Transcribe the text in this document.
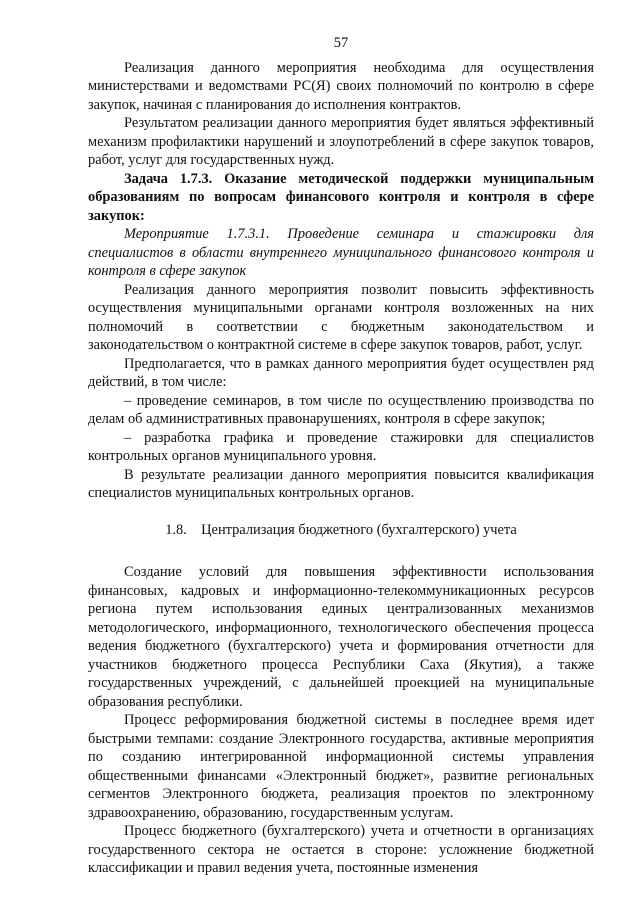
57

Реализация данного мероприятия необходима для осуществления министерствами и ведомствами РС(Я) своих полномочий по контролю в сфере закупок, начиная с планирования до исполнения контрактов.

Результатом реализации данного мероприятия будет являться эффективный механизм профилактики нарушений и злоупотреблений в сфере закупок товаров, работ, услуг для государственных нужд.

Задача 1.7.3. Оказание методической поддержки муниципальным образованиям по вопросам финансового контроля и контроля в сфере закупок:

Мероприятие 1.7.3.1. Проведение семинара и стажировки для специалистов в области внутреннего муниципального финансового контроля и контроля в сфере закупок

Реализация данного мероприятия позволит повысить эффективность осуществления муниципальными органами контроля возложенных на них полномочий в соответствии с бюджетным законодательством и законодательством о контрактной системе в сфере закупок товаров, работ, услуг.

Предполагается, что в рамках данного мероприятия будет осуществлен ряд действий, в том числе:

– проведение семинаров, в том числе по осуществлению производства по делам об административных правонарушениях, контроля в сфере закупок;

– разработка графика и проведение стажировки для специалистов контрольных органов муниципального уровня.

В результате реализации данного мероприятия повысится квалификация специалистов муниципальных контрольных органов.

1.8.    Централизация бюджетного (бухгалтерского) учета

Создание условий для повышения эффективности использования финансовых, кадровых и информационно-телекоммуникационных ресурсов региона путем использования единых централизованных механизмов методологического, информационного, технологического обеспечения процесса ведения бюджетного (бухгалтерского) учета и формирования отчетности для участников бюджетного процесса Республики Саха (Якутия), а также государственных учреждений, с дальнейшей проекцией на муниципальные образования республики.

Процесс реформирования бюджетной системы в последнее время идет быстрыми темпами: создание Электронного государства, активные мероприятия по созданию интегрированной информационной системы управления общественными финансами «Электронный бюджет», развитие региональных сегментов Электронного бюджета, реализация проектов по электронному здравоохранению, образованию, государственным услугам.

Процесс бюджетного (бухгалтерского) учета и отчетности в организациях государственного сектора не остается в стороне: усложнение бюджетной классификации и правил ведения учета, постоянные изменения
